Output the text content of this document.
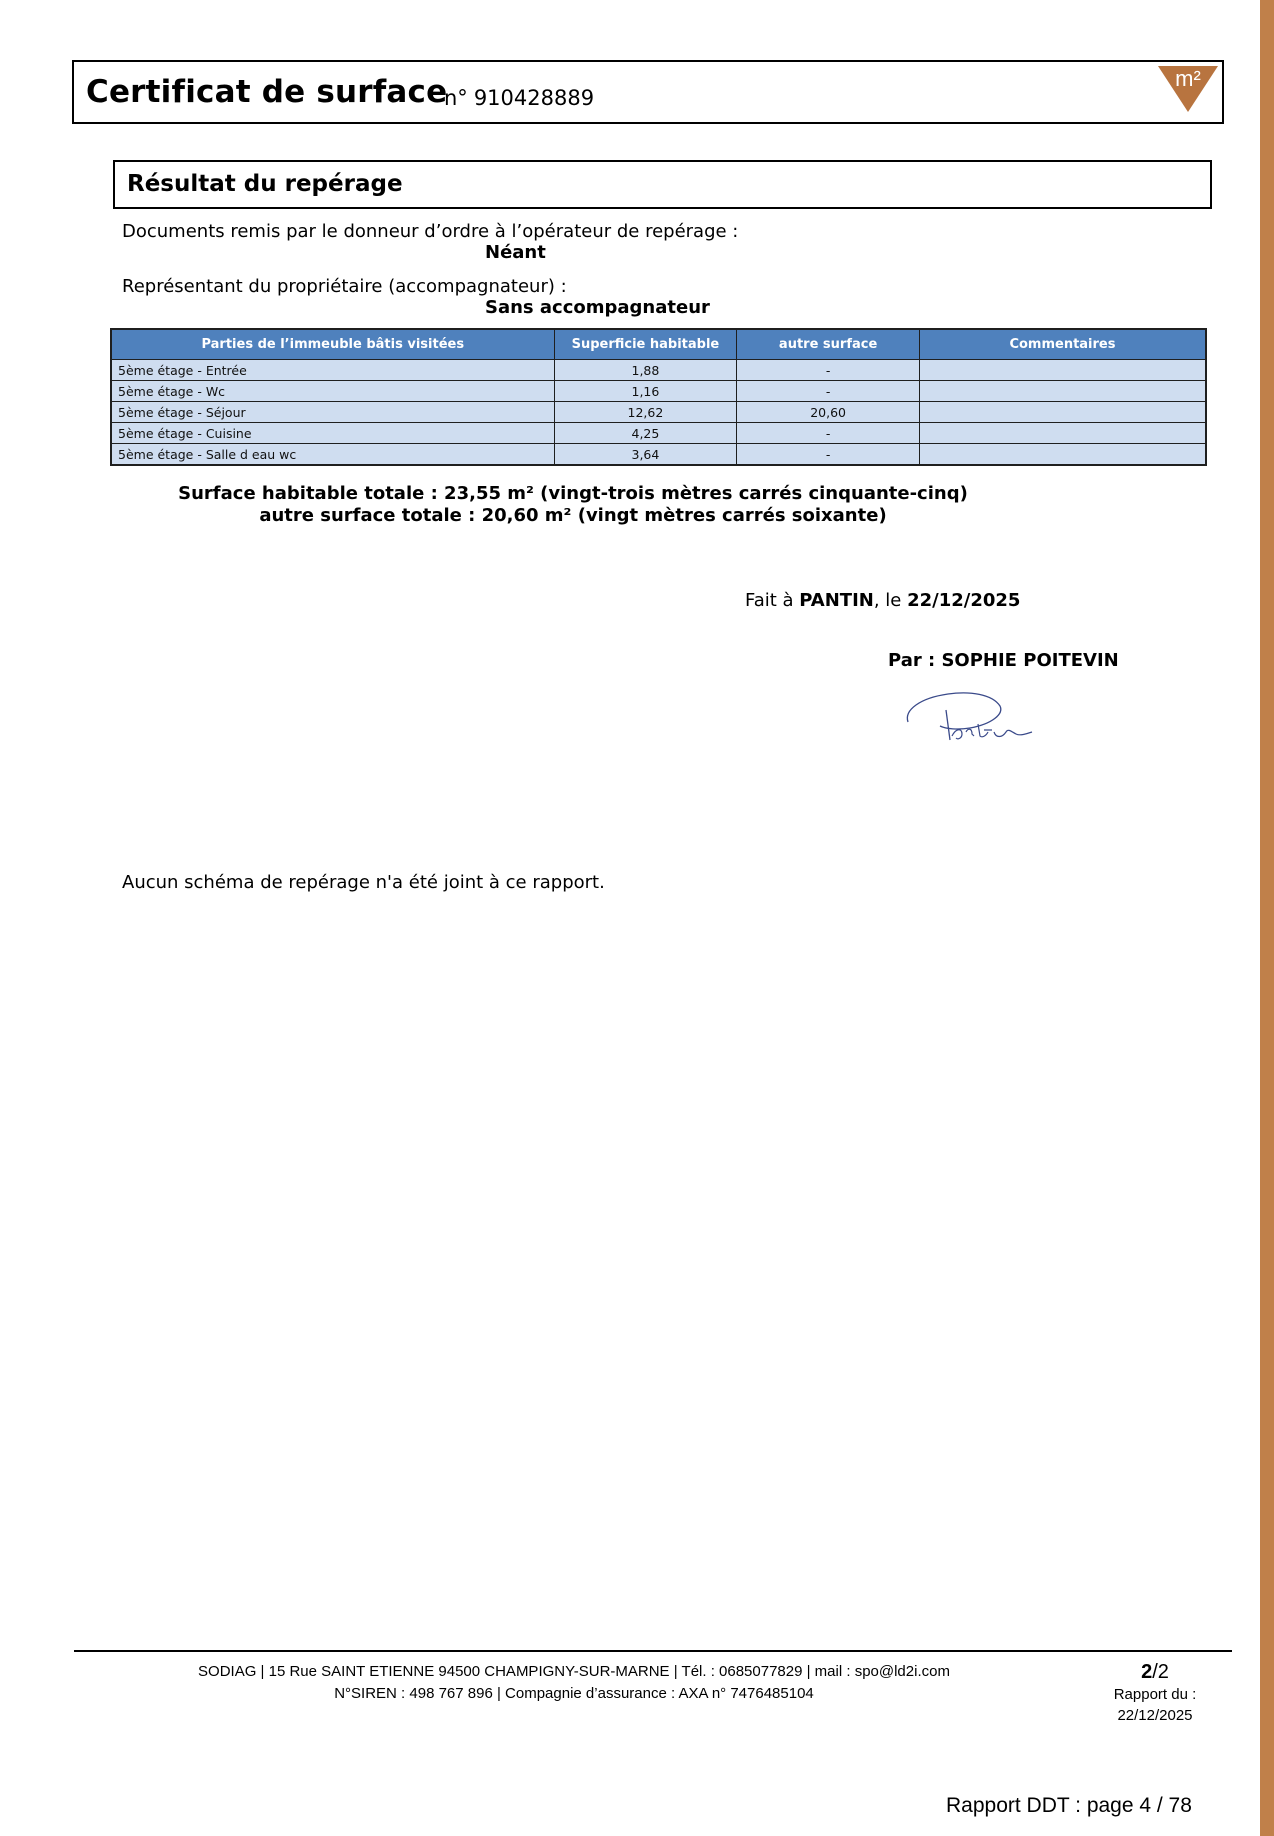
Certificat de surface
n° 910428889
m²
Résultat du repérage
Documents remis par le donneur d’ordre à l’opérateur de repérage :
Néant
Représentant du propriétaire (accompagnateur) :
Sans accompagnateur
Parties de l’immeuble bâtis visitées	Superficie habitable	autre surface	Commentaires
5ème étage - Entrée	1,88	-	
5ème étage - Wc	1,16	-	
5ème étage - Séjour	12,62	20,60	
5ème étage - Cuisine	4,25	-	
5ème étage - Salle d eau wc	3,64	-	
Surface habitable totale : 23,55 m² (vingt-trois mètres carrés cinquante-cinq)
autre surface totale : 20,60 m² (vingt mètres carrés soixante)
Fait à PANTIN, le 22/12/2025
Par : SOPHIE POITEVIN
Aucun schéma de repérage n'a été joint à ce rapport.
SODIAG | 15 Rue SAINT ETIENNE 94500 CHAMPIGNY-SUR-MARNE | Tél. : 0685077829 | mail : spo@ld2i.com
N°SIREN : 498 767 896 | Compagnie d’assurance : AXA n° 7476485104
2/2
Rapport du :
22/12/2025
Rapport DDT : page 4 / 78
